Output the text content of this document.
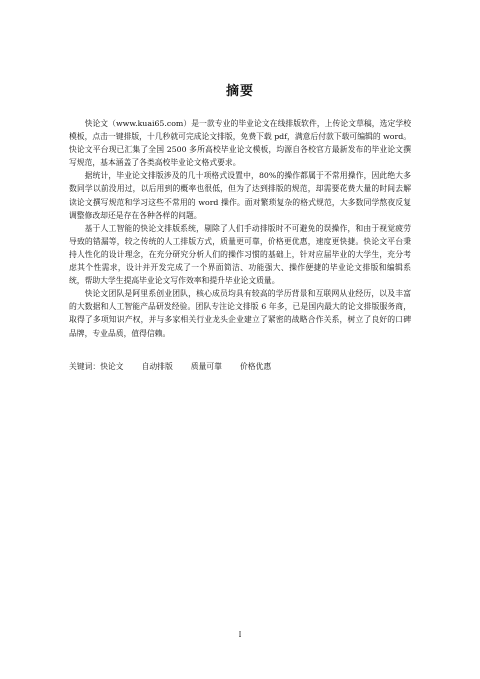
摘要

快论文（www.kuai65.com）是一款专业的毕业论文在线排版软件，上传论文草稿，选定学校模板，点击一键排版，十几秒就可完成论文排版，免费下载 pdf，满意后付款下载可编辑的 word。快论文平台现已汇集了全国 2500 多所高校毕业论文模板，均源自各校官方最新发布的毕业论文撰写规范，基本涵盖了各类高校毕业论文格式要求。

据统计，毕业论文排版涉及的几十项格式设置中，80%的操作都属于不常用操作，因此绝大多数同学以前没用过，以后用到的概率也很低，但为了达到排版的规范，却需要花费大量的时间去解读论文撰写规范和学习这些不常用的 word 操作。面对繁琐复杂的格式规范，大多数同学熬夜反复调整修改却还是存在各种各样的问题。

基于人工智能的快论文排版系统，剔除了人们手动排版时不可避免的误操作，和由于视觉疲劳导致的错漏等，较之传统的人工排版方式，质量更可靠，价格更优惠，速度更快捷。快论文平台秉持人性化的设计理念，在充分研究分析人们的操作习惯的基础上，针对应届毕业的大学生，充分考虑其个性需求，设计并开发完成了一个界面简洁、功能强大、操作便捷的毕业论文排版和编辑系统，帮助大学生提高毕业论文写作效率和提升毕业论文质量。

快论文团队是阿里系创业团队，核心成员均具有较高的学历背景和互联网从业经历，以及丰富的大数据和人工智能产品研发经验。团队专注论文排版 6 年多，已是国内最大的论文排版服务商，取得了多项知识产权，并与多家相关行业龙头企业建立了紧密的战略合作关系，树立了良好的口碑品牌，专业品质，值得信赖。

关键词：快论文 自动排版 质量可靠 价格优惠
I
